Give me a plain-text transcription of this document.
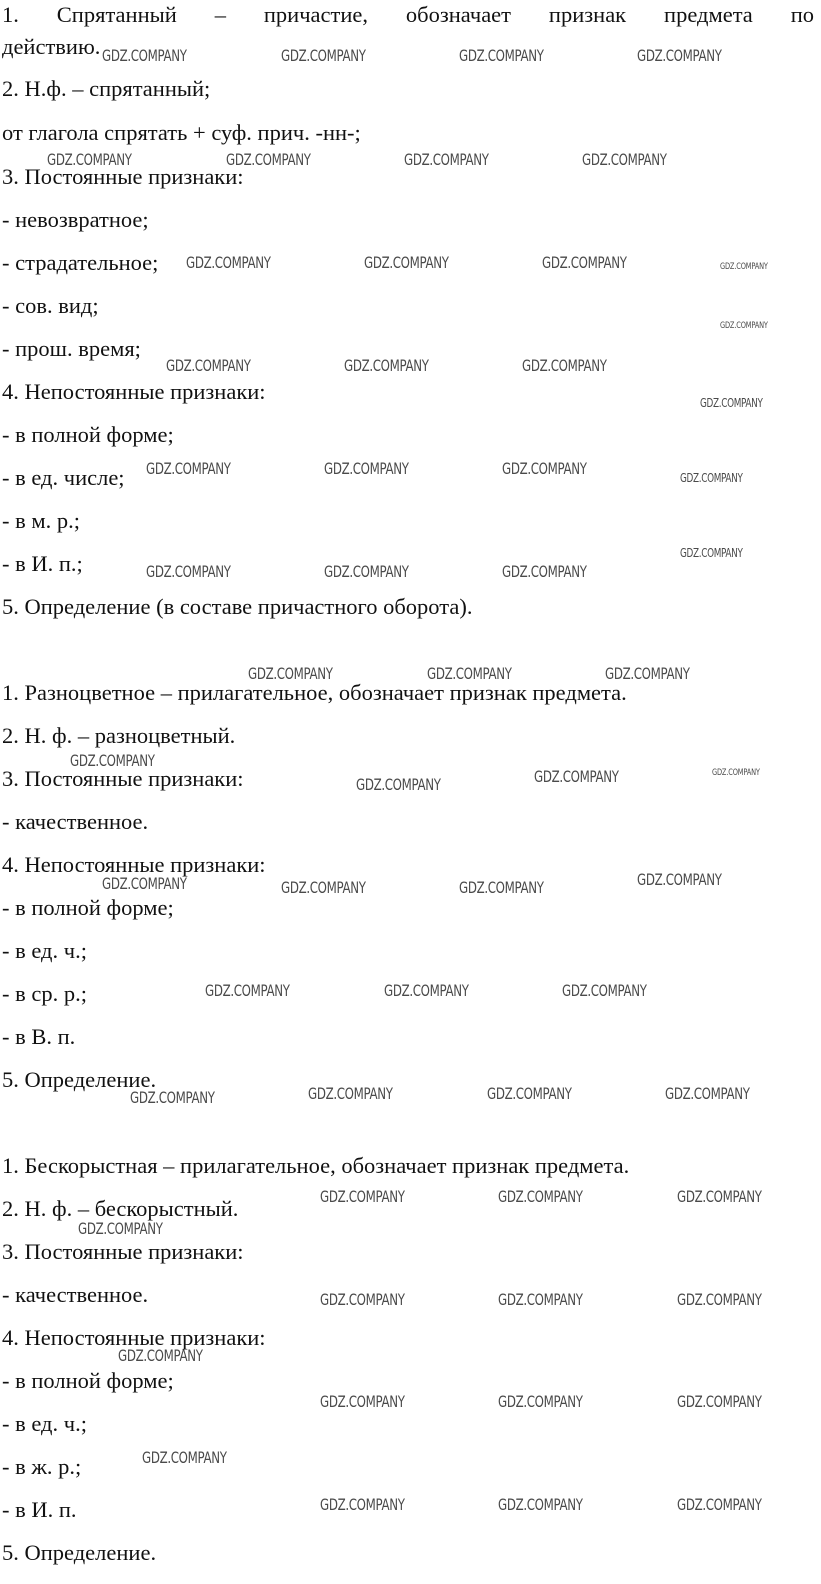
1. Спрятанный – причастие, обозначает признак предмета по
действию.
2. Н.ф. – спрятанный;
от глагола спрятать + суф. прич. -нн-;
3. Постоянные признаки:
- невозвратное;
- страдательное;
- сов. вид;
- прош. время;
4. Непостоянные признаки:
- в полной форме;
- в ед. числе;
- в м. р.;
- в И. п.;
5. Определение (в составе причастного оборота).
1. Разноцветное – прилагательное, обозначает признак предмета.
2. Н. ф. – разноцветный.
3. Постоянные признаки:
- качественное.
4. Непостоянные признаки:
- в полной форме;
- в ед. ч.;
- в ср. р.;
- в В. п.
5. Определение.
1. Бескорыстная – прилагательное, обозначает признак предмета.
2. Н. ф. – бескорыстный.
3. Постоянные признаки:
- качественное.
4. Непостоянные признаки:
- в полной форме;
- в ед. ч.;
- в ж. р.;
- в И. п.
5. Определение.
GDZ.COMPANY	GDZ.COMPANY	GDZ.COMPANY	GDZ.COMPANY
GDZ.COMPANY	GDZ.COMPANY	GDZ.COMPANY	GDZ.COMPANY
GDZ.COMPANY	GDZ.COMPANY	GDZ.COMPANY	GDZ.COMPANY
GDZ.COMPANY
GDZ.COMPANY	GDZ.COMPANY	GDZ.COMPANY
GDZ.COMPANY
GDZ.COMPANY	GDZ.COMPANY	GDZ.COMPANY	GDZ.COMPANY
GDZ.COMPANY
GDZ.COMPANY	GDZ.COMPANY	GDZ.COMPANY
GDZ.COMPANY	GDZ.COMPANY	GDZ.COMPANY
GDZ.COMPANY
GDZ.COMPANY	GDZ.COMPANY	GDZ.COMPANY
GDZ.COMPANY	GDZ.COMPANY	GDZ.COMPANY	GDZ.COMPANY
GDZ.COMPANY	GDZ.COMPANY	GDZ.COMPANY
GDZ.COMPANY	GDZ.COMPANY	GDZ.COMPANY	GDZ.COMPANY
GDZ.COMPANY	GDZ.COMPANY	GDZ.COMPANY
GDZ.COMPANY
GDZ.COMPANY	GDZ.COMPANY	GDZ.COMPANY
GDZ.COMPANY
GDZ.COMPANY	GDZ.COMPANY	GDZ.COMPANY
GDZ.COMPANY
GDZ.COMPANY	GDZ.COMPANY	GDZ.COMPANY
